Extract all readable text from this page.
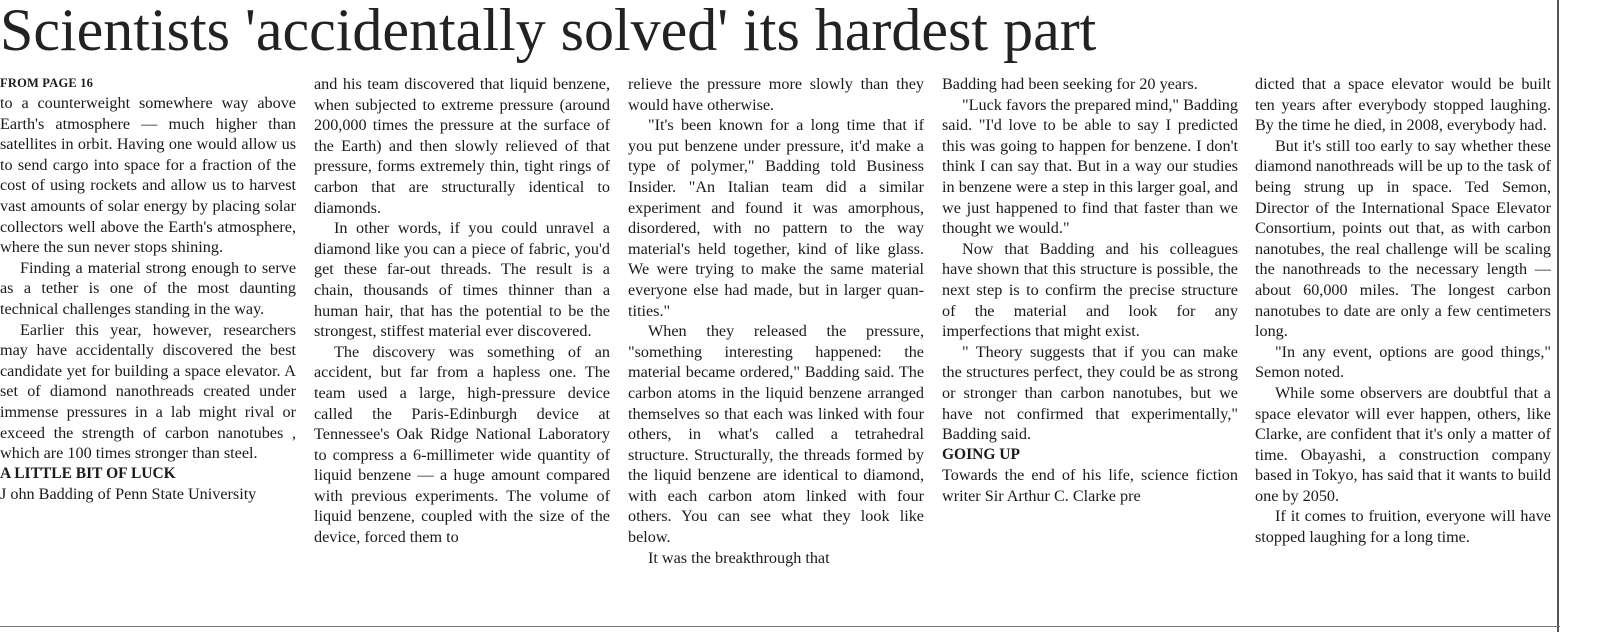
Scientists 'accidentally solved' its hardest part
FROM PAGE 16

to a counterweight somewhere way above Earth's atmosphere — much higher than satellites in orbit. Having one would allow us to send cargo into space for a fraction of the cost of using rockets and allow us to harvest vast amounts of solar energy by placing solar collectors well above the Earth's atmosphere, where the sun never stops shining.

Finding a material strong enough to serve as a tether is one of the most daunting technical challenges standing in the way.

Earlier this year, however, researchers may have accidentally discovered the best candidate yet for building a space elevator. A set of diamond nanothreads created under immense pressures in a lab might rival or exceed the strength of carbon nanotubes , which are 100 times stronger than steel.

A LITTLE BIT OF LUCK

J ohn Badding of Penn State University

and his team discovered that liquid benzene, when subjected to extreme pressure (around 200,000 times the pressure at the surface of the Earth) and then slowly relieved of that pressure, forms extremely thin, tight rings of carbon that are structurally identical to diamonds.

In other words, if you could unravel a diamond like you can a piece of fabric, you'd get these far-out threads. The result is a chain, thousands of times thinner than a human hair, that has the potential to be the strongest, stiffest material ever discovered.

The discovery was something of an accident, but far from a hapless one. The team used a large, high-pressure device called the Paris-Edinburgh device at Tennessee's Oak Ridge National Laboratory to compress a 6-millimeter wide quantity of liquid benzene — a huge amount compared with previous experiments. The volume of liquid benzene, coupled with the size of the device, forced them to

relieve the pressure more slowly than they would have otherwise.

"It's been known for a long time that if you put benzene under pressure, it'd make a type of polymer," Badding told Business Insider. "An Italian team did a similar experiment and found it was amorphous, disordered, with no pattern to the way material's held together, kind of like glass. We were trying to make the same material everyone else had made, but in larger quantities."

When they released the pressure, "something interesting happened: the material became ordered," Badding said. The carbon atoms in the liquid benzene arranged themselves so that each was linked with four others, in what's called a tetrahedral structure. Structurally, the threads formed by the liquid benzene are identical to diamond, with each carbon atom linked with four others. You can see what they look like below.

It was the breakthrough that

Badding had been seeking for 20 years.

"Luck favors the prepared mind," Badding said. "I'd love to be able to say I predicted this was going to happen for benzene. I don't think I can say that. But in a way our studies in benzene were a step in this larger goal, and we just happened to find that faster than we thought we would."

Now that Badding and his colleagues have shown that this structure is possible, the next step is to confirm the precise structure of the material and look for any imperfections that might exist.

" Theory suggests that if you can make the structures perfect, they could be as strong or stronger than carbon nanotubes, but we have not confirmed that experimentally," Badding said.

GOING UP

Towards the end of his life, science fiction writer Sir Arthur C. Clarke pre

dicted that a space elevator would be built ten years after everybody stopped laughing. By the time he died, in 2008, everybody had.

But it's still too early to say whether these diamond nanothreads will be up to the task of being strung up in space. Ted Semon, Director of the International Space Elevator Consortium, points out that, as with carbon nanotubes, the real challenge will be scaling the nanothreads to the necessary length — about 60,000 miles. The longest carbon nanotubes to date are only a few centimeters long.

"In any event, options are good things," Semon noted.

While some observers are doubtful that a space elevator will ever happen, others, like Clarke, are confident that it's only a matter of time. Obayashi, a construction company based in Tokyo, has said that it wants to build one by 2050.

If it comes to fruition, everyone will have stopped laughing for a long time.
